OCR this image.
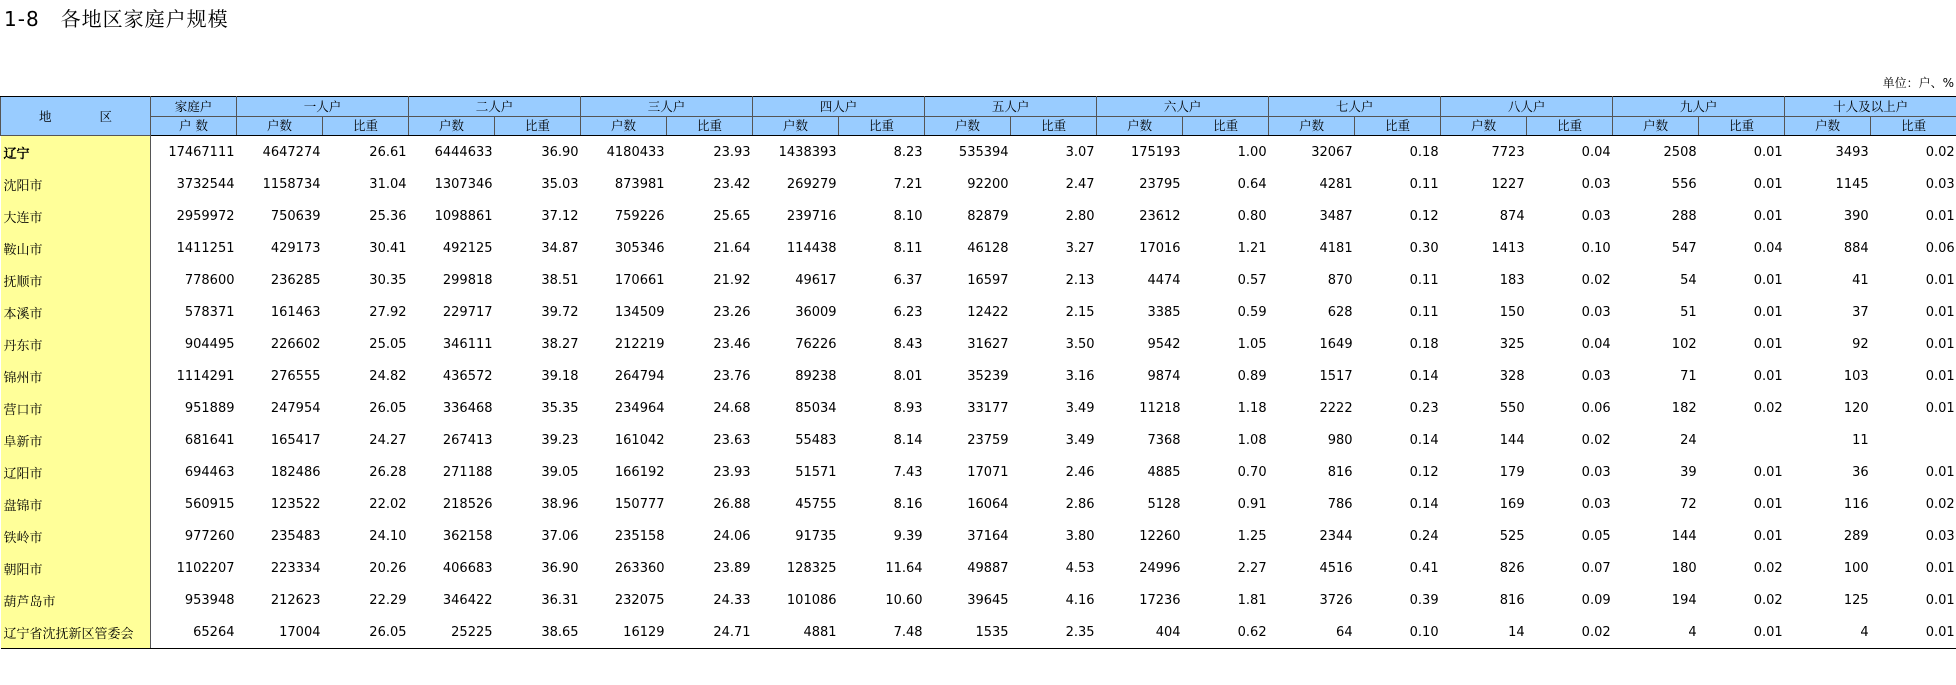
1-8　各地区家庭户规模
单位：户、%
地 区	家庭户	一人户		二人户		三人户		四人户		五人户		六人户		七人户		八人户		九人户		十人及以上户	
	户 数	户数	比重	户数	比重	户数	比重	户数	比重	户数	比重	户数	比重	户数	比重	户数	比重	户数	比重	户数	比重
辽宁	17467111	4647274	26.61	6444633	36.90	4180433	23.93	1438393	8.23	535394	3.07	175193	1.00	32067	0.18	7723	0.04	2508	0.01	3493	0.02
沈阳市	3732544	1158734	31.04	1307346	35.03	873981	23.42	269279	7.21	92200	2.47	23795	0.64	4281	0.11	1227	0.03	556	0.01	1145	0.03
大连市	2959972	750639	25.36	1098861	37.12	759226	25.65	239716	8.10	82879	2.80	23612	0.80	3487	0.12	874	0.03	288	0.01	390	0.01
鞍山市	1411251	429173	30.41	492125	34.87	305346	21.64	114438	8.11	46128	3.27	17016	1.21	4181	0.30	1413	0.10	547	0.04	884	0.06
抚顺市	778600	236285	30.35	299818	38.51	170661	21.92	49617	6.37	16597	2.13	4474	0.57	870	0.11	183	0.02	54	0.01	41	0.01
本溪市	578371	161463	27.92	229717	39.72	134509	23.26	36009	6.23	12422	2.15	3385	0.59	628	0.11	150	0.03	51	0.01	37	0.01
丹东市	904495	226602	25.05	346111	38.27	212219	23.46	76226	8.43	31627	3.50	9542	1.05	1649	0.18	325	0.04	102	0.01	92	0.01
锦州市	1114291	276555	24.82	436572	39.18	264794	23.76	89238	8.01	35239	3.16	9874	0.89	1517	0.14	328	0.03	71	0.01	103	0.01
营口市	951889	247954	26.05	336468	35.35	234964	24.68	85034	8.93	33177	3.49	11218	1.18	2222	0.23	550	0.06	182	0.02	120	0.01
阜新市	681641	165417	24.27	267413	39.23	161042	23.63	55483	8.14	23759	3.49	7368	1.08	980	0.14	144	0.02	24		11	
辽阳市	694463	182486	26.28	271188	39.05	166192	23.93	51571	7.43	17071	2.46	4885	0.70	816	0.12	179	0.03	39	0.01	36	0.01
盘锦市	560915	123522	22.02	218526	38.96	150777	26.88	45755	8.16	16064	2.86	5128	0.91	786	0.14	169	0.03	72	0.01	116	0.02
铁岭市	977260	235483	24.10	362158	37.06	235158	24.06	91735	9.39	37164	3.80	12260	1.25	2344	0.24	525	0.05	144	0.01	289	0.03
朝阳市	1102207	223334	20.26	406683	36.90	263360	23.89	128325	11.64	49887	4.53	24996	2.27	4516	0.41	826	0.07	180	0.02	100	0.01
葫芦岛市	953948	212623	22.29	346422	36.31	232075	24.33	101086	10.60	39645	4.16	17236	1.81	3726	0.39	816	0.09	194	0.02	125	0.01
辽宁省沈抚新区管委会	65264	17004	26.05	25225	38.65	16129	24.71	4881	7.48	1535	2.35	404	0.62	64	0.10	14	0.02	4	0.01	4	0.01
